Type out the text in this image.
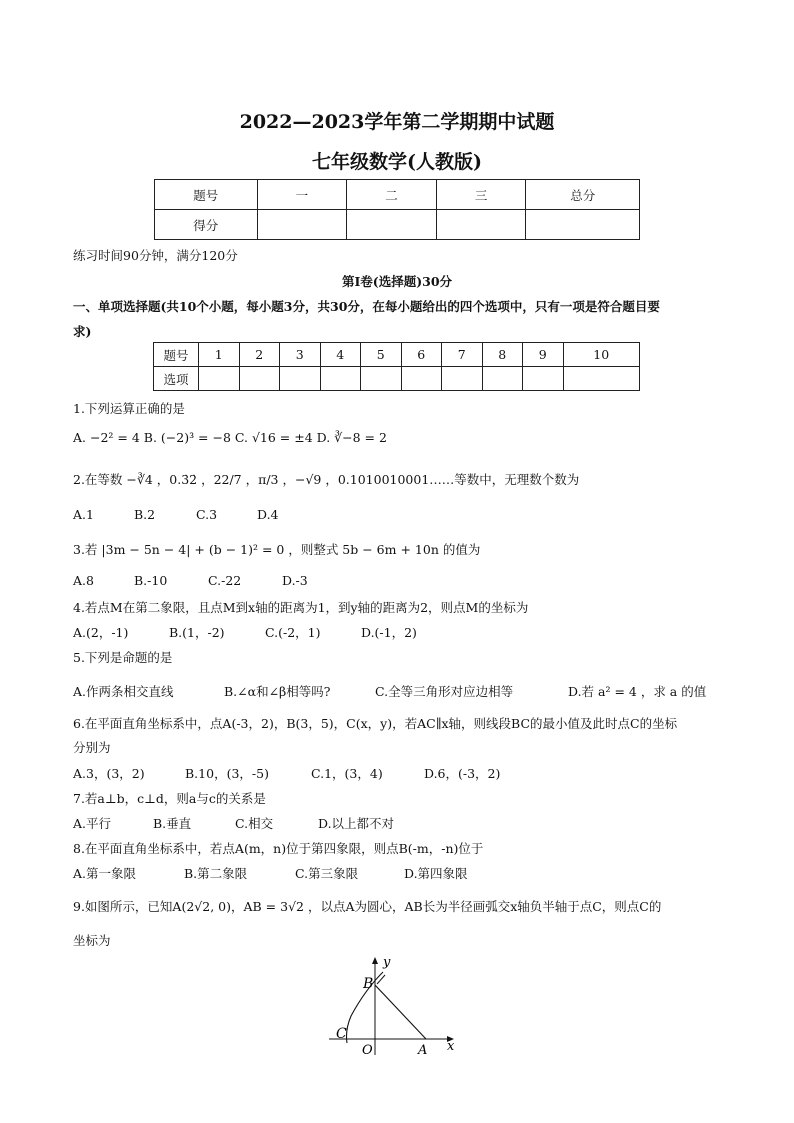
2022—2023学年第二学期期中试题
七年级数学(人教版)
题号	一	二	三	总分
得分				
练习时间90分钟，满分120分
第Ⅰ卷(选择题)30分
一、单项选择题(共10个小题，每小题3分，共30分，在每小题给出的四个选项中，只有一项是符合题目要
求)
题号	1	2	3	4	5	6	7	8	9	10
选项										
1.下列运算正确的是
A. −2² = 4 B. (−2)³ = −8 C. √16 = ±4 D. ∛−8 = 2
2.在等数 −∛4 ，0.3̇2̇ ，22/7 ，π/3 ，−√9 ，0.1010010001……等数中，无理数个数为
A.1	B.2	C.3	D.4
3.若 |3m − 5n − 4| + (b − 1)² = 0 ，则整式 5b − 6m + 10n 的值为
A.8	B.-10	C.-22	D.-3
4.若点M在第二象限，且点M到x轴的距离为1，到y轴的距离为2，则点M的坐标为
A.(2，-1)	B.(1，-2)	C.(-2，1)	D.(-1，2)
5.下列是命题的是
A.作两条相交直线	B.∠α和∠β相等吗?	C.全等三角形对应边相等	D.若 a² = 4 ，求 a 的值
6.在平面直角坐标系中，点A(-3，2)，B(3，5)，C(x，y)，若AC∥x轴，则线段BC的最小值及此时点C的坐标
分别为
A.3，(3，2)	B.10，(3，-5)	C.1，(3，4)	D.6，(-3，2)
7.若a⊥b，c⊥d，则a与c的关系是
A.平行	B.垂直	C.相交	D.以上都不对
8.在平面直角坐标系中，若点A(m，n)位于第四象限，则点B(-m，-n)位于
A.第一象限	B.第二象限	C.第三象限	D.第四象限
9.如图所示，已知A(2√2, 0)，AB = 3√2 ，以点A为圆心，AB长为半径画弧交x轴负半轴于点C，则点C的
坐标为
y
B
C
O	A x
